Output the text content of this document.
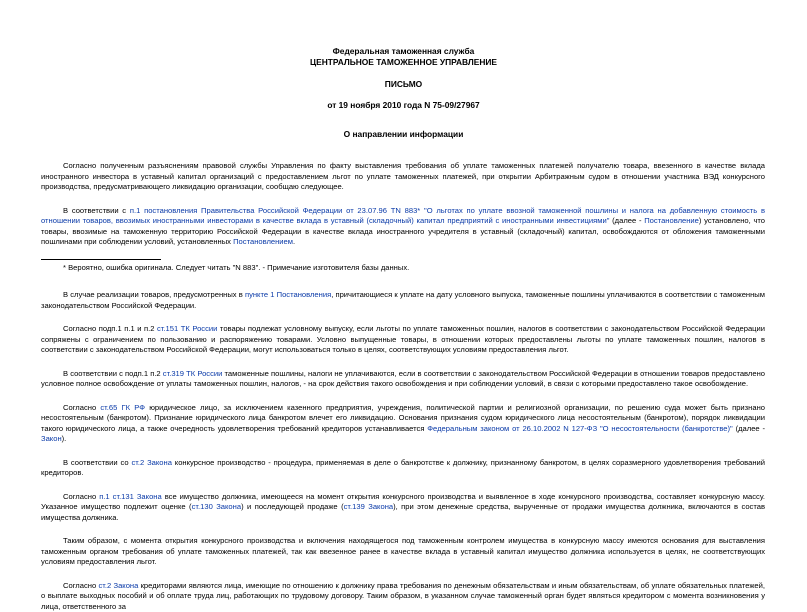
Федеральная таможенная служба
ЦЕНТРАЛЬНОЕ ТАМОЖЕННОЕ УПРАВЛЕНИЕ
ПИСЬМО
от 19 ноября 2010 года N 75-09/27967
О направлении информации

Согласно полученным разъяснениям правовой службы Управления по факту выставления требования об уплате таможенных платежей получателю товара, ввезенного в качестве вклада иностранного инвестора в уставный капитал организаций с предоставлением льгот по уплате таможенных платежей, при открытии Арбитражным судом в отношении участника ВЭД конкурсного производства, предусматривающего ликвидацию организации, сообщаю следующее.

В соответствии с п.1 постановления Правительства Российской Федерации от 23.07.96 ТN 883* "О льготах по уплате ввозной таможенной пошлины и налога на добавленную стоимость в отношении товаров, ввозимых иностранными инвесторами в качестве вклада в уставный (складочный) капитал предприятий с иностранными инвестициями" (далее - Постановление) установлено, что товары, ввозимые на таможенную территорию Российской Федерации в качестве вклада иностранного учредителя в уставный (складочный) капитал, освобождаются от обложения таможенными пошлинами при соблюдении условий, установленных Постановлением.

* Вероятно, ошибка оригинала. Следует читать "N 883". - Примечание изготовителя базы данных.

В случае реализации товаров, предусмотренных в пункте 1 Постановления, причитающиеся к уплате на дату условного выпуска, таможенные пошлины уплачиваются в соответствии с таможенным законодательством Российской Федерации.

Согласно подп.1 п.1 и п.2 ст.151 ТК России товары подлежат условному выпуску, если льготы по уплате таможенных пошлин, налогов в соответствии с законодательством Российской Федерации сопряжены с ограничением по пользованию и распоряжению товарами. Условно выпущенные товары, в отношении которых предоставлены льготы по уплате таможенных пошлин, налогов в соответствии с законодательством Российской Федерации, могут использоваться только в целях, соответствующих условиям предоставления льгот.

В соответствии с подп.1 п.2 ст.319 ТК России таможенные пошлины, налоги не уплачиваются, если в соответствии с законодательством Российской Федерации в отношении товаров предоставлено условное полное освобождение от уплаты таможенных пошлин, налогов, - на срок действия такого освобождения и при соблюдении условий, в связи с которыми предоставлено такое освобождение.

Согласно ст.65 ГК РФ юридическое лицо, за исключением казенного предприятия, учреждения, политической партии и религиозной организации, по решению суда может быть признано несостоятельным (банкротом). Признание юридического лица банкротом влечет его ликвидацию. Основания признания судом юридического лица несостоятельным (банкротом), порядок ликвидации такого юридического лица, а также очередность удовлетворения требований кредиторов устанавливается Федеральным законом от 26.10.2002 N 127-ФЗ "О несостоятельности (банкротстве)" (далее - Закон).

В соответствии со ст.2 Закона конкурсное производство - процедура, применяемая в деле о банкротстве к должнику, признанному банкротом, в целях соразмерного удовлетворения требований кредиторов.

Согласно п.1 ст.131 Закона все имущество должника, имеющееся на момент открытия конкурсного производства и выявленное в ходе конкурсного производства, составляет конкурсную массу. Указанное имущество подлежит оценке (ст.130 Закона) и последующей продаже (ст.139 Закона), при этом денежные средства, вырученные от продажи имущества должника, включаются в состав имущества должника.

Таким образом, с момента открытия конкурсного производства и включения находящегося под таможенным контролем имущества в конкурсную массу имеются основания для выставления таможенным органом требования об уплате таможенных платежей, так как ввезенное ранее в качестве вклада в уставный капитал имущество должника используется в целях, не соответствующих условиям предоставления льгот.

Согласно ст.2 Закона кредиторами являются лица, имеющие по отношению к должнику права требования по денежным обязательствам и иным обязательствам, об уплате обязательных платежей, о выплате выходных пособий и об оплате труда лиц, работающих по трудовому договору. Таким образом, в указанном случае таможенный орган будет являться кредитором с момента возникновения у лица, ответственного за
